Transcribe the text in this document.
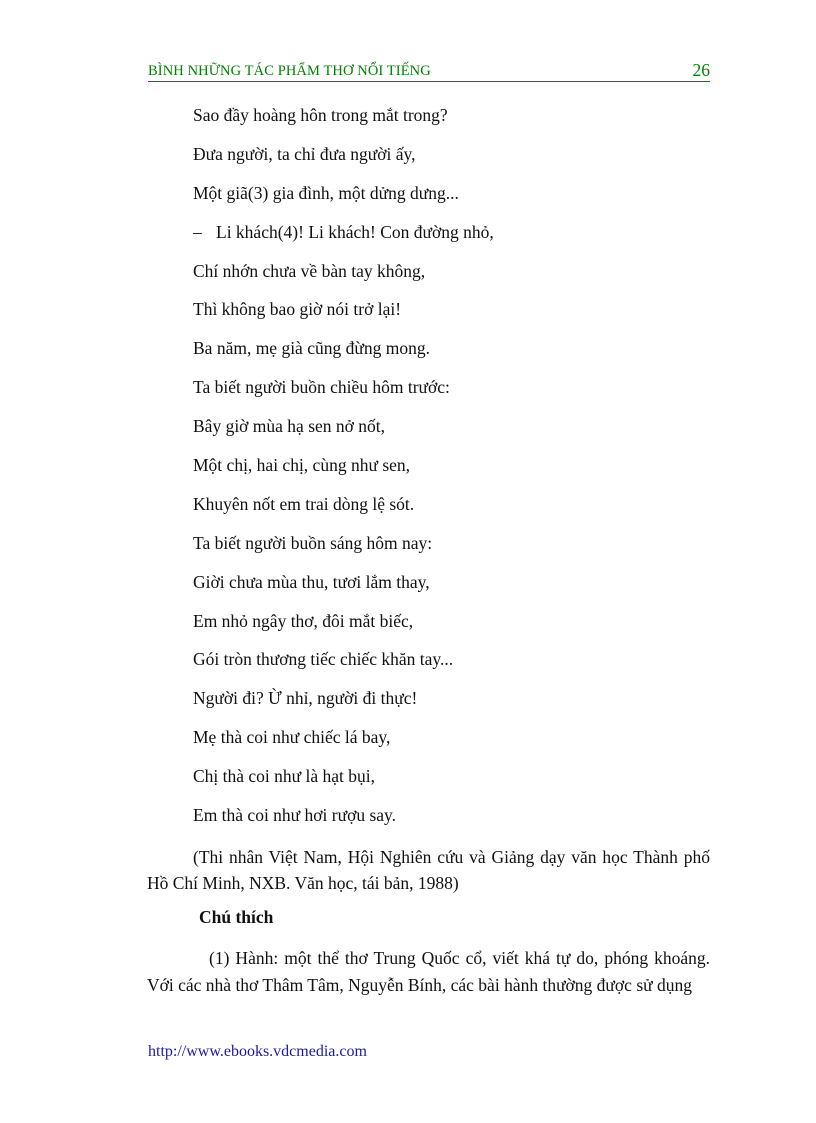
BÌNH NHỮNG TÁC PHẨM THƠ NỔI TIẾNG	26
Sao đầy hoàng hôn trong mắt trong?
Đưa người, ta chỉ đưa người ấy,
Một giã(3) gia đình, một dửng dưng...
– Li khách(4)! Li khách! Con đường nhỏ,
Chí nhớn chưa về bàn tay không,
Thì không bao giờ nói trở lại!
Ba năm, mẹ già cũng đừng mong.
Ta biết người buồn chiều hôm trước:
Bây giờ mùa hạ sen nở nốt,
Một chị, hai chị, cùng như sen,
Khuyên nốt em trai dòng lệ sót.
Ta biết người buồn sáng hôm nay:
Giời chưa mùa thu, tươi lắm thay,
Em nhỏ ngây thơ, đôi mắt biếc,
Gói tròn thương tiếc chiếc khăn tay...
Người đi? Ừ nhỉ, người đi thực!
Mẹ thà coi như chiếc lá bay,
Chị thà coi như là hạt bụi,
Em thà coi như hơi rượu say.

(Thi nhân Việt Nam, Hội Nghiên cứu và Giảng dạy văn học Thành phố Hồ Chí Minh, NXB. Văn học, tái bản, 1988)

Chú thích

(1) Hành: một thể thơ Trung Quốc cổ, viết khá tự do, phóng khoáng. Với các nhà thơ Thâm Tâm, Nguyễn Bính, các bài hành thường được sử dụng

http://www.ebooks.vdcmedia.com
